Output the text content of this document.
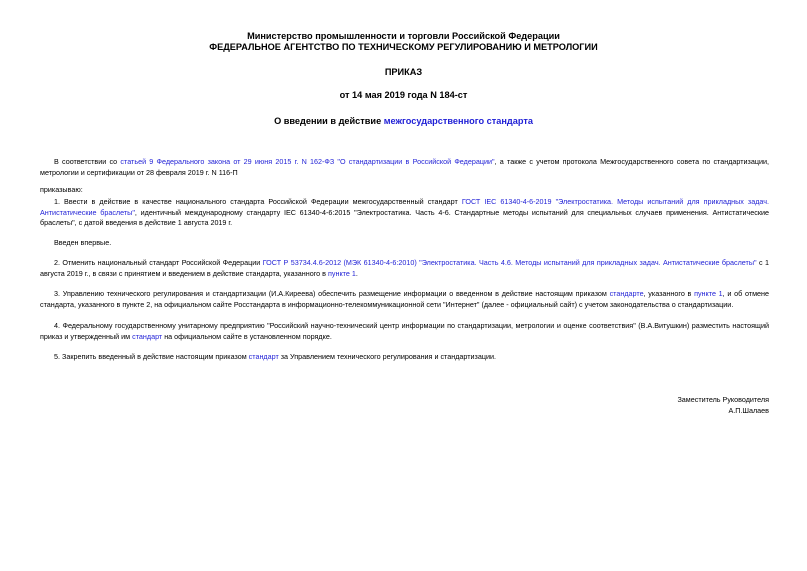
Министерство промышленности и торговли Российской Федерации
ФЕДЕРАЛЬНОЕ АГЕНТСТВО ПО ТЕХНИЧЕСКОМУ РЕГУЛИРОВАНИЮ И МЕТРОЛОГИИ
ПРИКАЗ
от 14 мая 2019 года N 184-ст
О введении в действие межгосударственного стандарта
В соответствии со статьей 9 Федерального закона от 29 июня 2015 г. N 162-ФЗ "О стандартизации в Российской Федерации", а также с учетом протокола Межгосударственного совета по стандартизации, метрологии и сертификации от 28 февраля 2019 г. N 116-П
приказываю:
1. Ввести в действие в качестве национального стандарта Российской Федерации межгосударственный стандарт ГОСТ IEC 61340-4-6-2019 "Электростатика. Методы испытаний для прикладных задач. Антистатические браслеты", идентичный международному стандарту IEC 61340-4-6:2015 "Электростатика. Часть 4-6. Стандартные методы испытаний для специальных случаев применения. Антистатические браслеты", с датой введения в действие 1 августа 2019 г.
Введен впервые.
2. Отменить национальный стандарт Российской Федерации ГОСТ Р 53734.4.6-2012 (МЭК 61340-4-6:2010) "Электростатика. Часть 4.6. Методы испытаний для прикладных задач. Антистатические браслеты" с 1 августа 2019 г., в связи с принятием и введением в действие стандарта, указанного в пункте 1.
3. Управлению технического регулирования и стандартизации (И.А.Киреева) обеспечить размещение информации о введенном в действие настоящим приказом стандарте, указанного в пункте 1, и об отмене стандарта, указанного в пункте 2, на официальном сайте Росстандарта в информационно-телекоммуникационной сети "Интернет" (далее - официальный сайт) с учетом законодательства о стандартизации.
4. Федеральному государственному унитарному предприятию "Российский научно-технический центр информации по стандартизации, метрологии и оценке соответствия" (В.А.Витушкин) разместить настоящий приказ и утвержденный им стандарт на официальном сайте в установленном порядке.
5. Закрепить введенный в действие настоящим приказом стандарт за Управлением технического регулирования и стандартизации.
Заместитель Руководителя
А.П.Шалаев
